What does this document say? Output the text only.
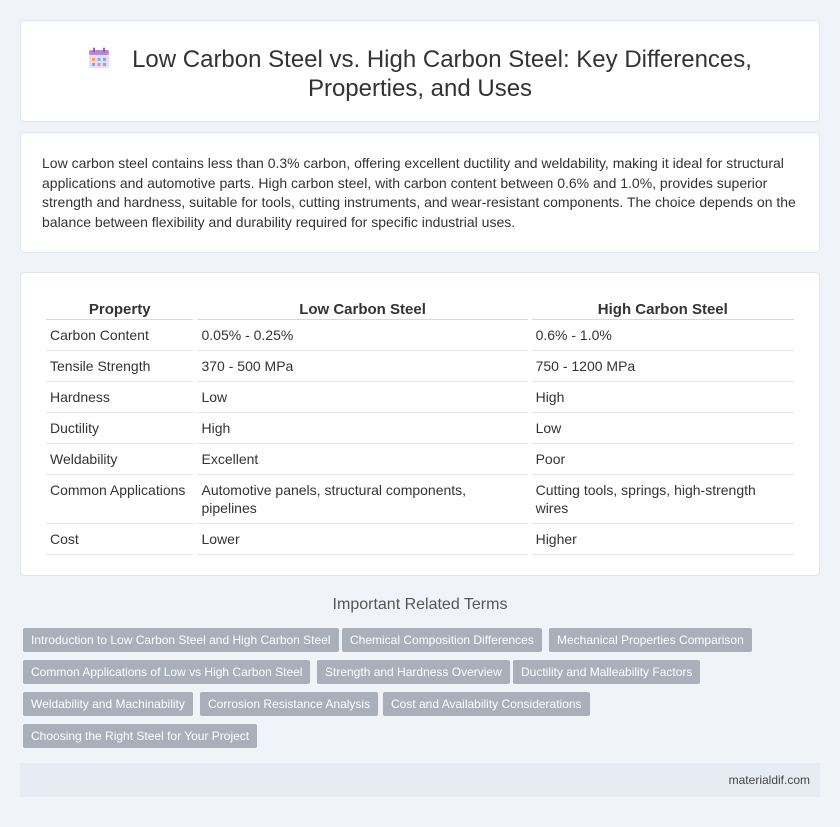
Low Carbon Steel vs. High Carbon Steel: Key Differences,
Properties, and Uses

Low carbon steel contains less than 0.3% carbon, offering excellent ductility and weldability, making it ideal for structural applications and automotive parts. High carbon steel, with carbon content between 0.6% and 1.0%, provides superior strength and hardness, suitable for tools, cutting instruments, and wear-resistant components. The choice depends on the balance between flexibility and durability required for specific industrial uses.

Property	Low Carbon Steel	High Carbon Steel
Carbon Content	0.05% - 0.25%	0.6% - 1.0%
Tensile Strength	370 - 500 MPa	750 - 1200 MPa
Hardness	Low	High
Ductility	High	Low
Weldability	Excellent	Poor
Common Applications	Automotive panels, structural components, pipelines	Cutting tools, springs, high-strength wires
Cost	Lower	Higher
Important Related Terms
Introduction to Low Carbon Steel and High Carbon Steel	Chemical Composition Differences	Mechanical Properties Comparison
Common Applications of Low vs High Carbon Steel	Strength and Hardness Overview	Ductility and Malleability Factors
Weldability and Machinability	Corrosion Resistance Analysis	Cost and Availability Considerations
Choosing the Right Steel for Your Project
materialdif.com
